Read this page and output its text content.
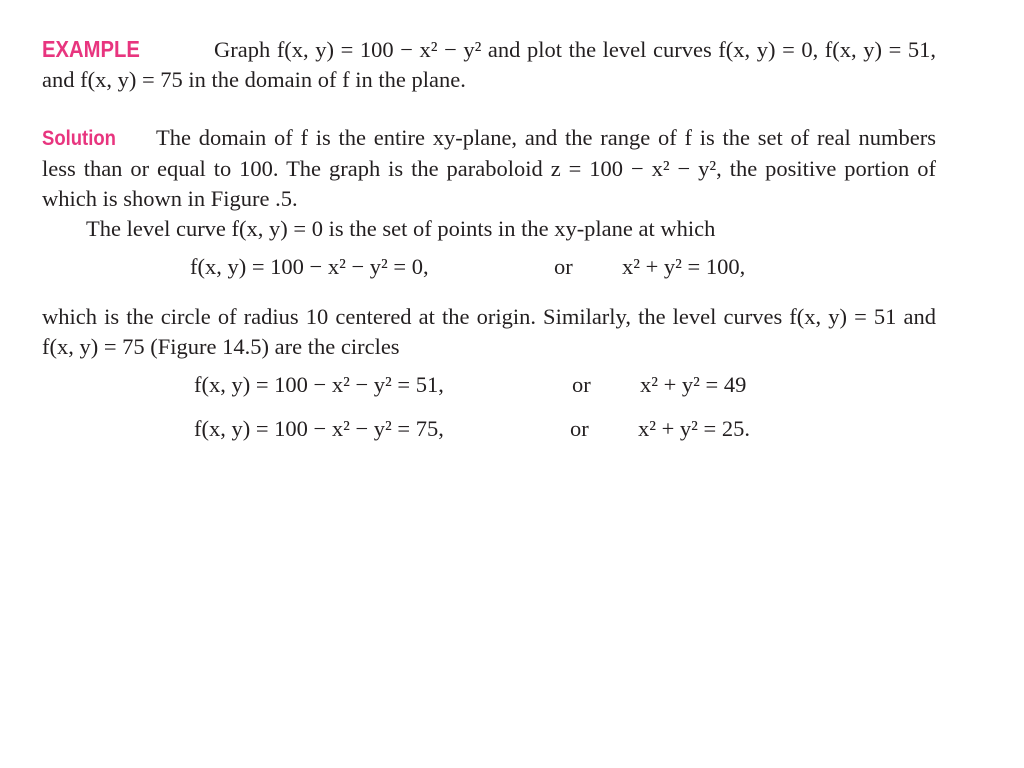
EXAMPLE	Graph f(x, y) = 100 − x² − y² and plot the level curves f(x, y) = 0, f(x, y) = 51, and f(x, y) = 75 in the domain of f in the plane.

Solution The domain of f is the entire xy-plane, and the range of f is the set of real numbers less than or equal to 100. The graph is the paraboloid z = 100 − x² − y², the positive portion of which is shown in Figure .5.

The level curve f(x, y) = 0 is the set of points in the xy-plane at which

f(x, y) = 100 − x² − y² = 0,	or x² + y² = 100,

which is the circle of radius 10 centered at the origin. Similarly, the level curves f(x, y) = 51 and f(x, y) = 75 (Figure 14.5) are the circles

f(x, y) = 100 − x² − y² = 51,	or x² + y² = 49
f(x, y) = 100 − x² − y² = 75,	or x² + y² = 25.
